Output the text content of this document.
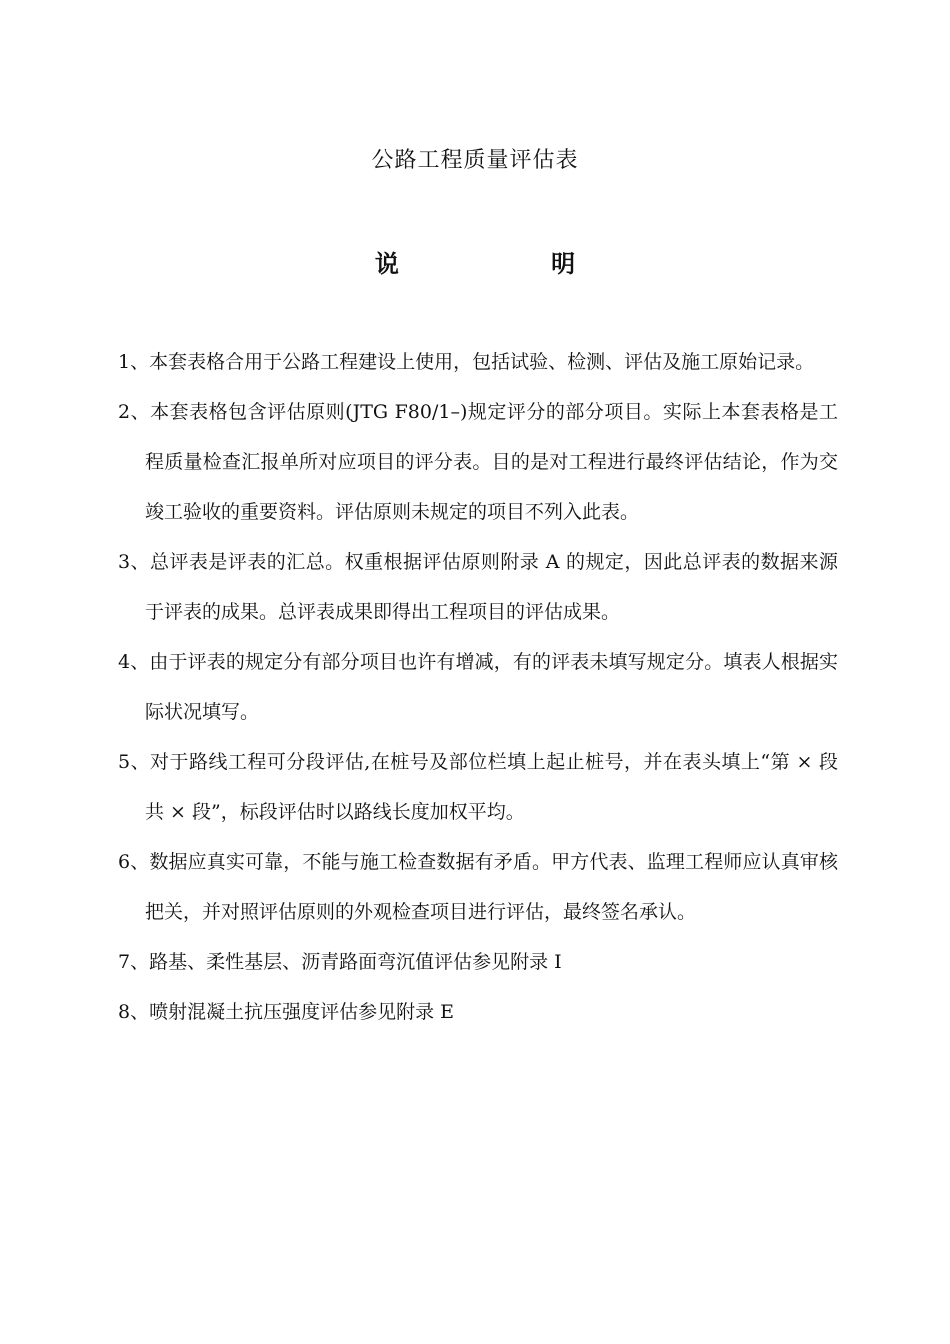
公路工程质量评估表
说 明
1、本套表格合用于公路工程建设上使用，包括试验、检测、评估及施工原始记录。
2、本套表格包含评估原则(JTG F80/1–)规定评分的部分项目。实际上本套表格是工程质量检查汇报单所对应项目的评分表。目的是对工程进行最终评估结论，作为交竣工验收的重要资料。评估原则未规定的项目不列入此表。
3、总评表是评表的汇总。权重根据评估原则附录 A 的规定，因此总评表的数据来源于评表的成果。总评表成果即得出工程项目的评估成果。
4、由于评表的规定分有部分项目也许有增减，有的评表未填写规定分。填表人根据实际状况填写。
5、对于路线工程可分段评估,在桩号及部位栏填上起止桩号，并在表头填上“第 × 段共 × 段”，标段评估时以路线长度加权平均。
6、数据应真实可靠，不能与施工检查数据有矛盾。甲方代表、监理工程师应认真审核把关，并对照评估原则的外观检查项目进行评估，最终签名承认。
7、路基、柔性基层、沥青路面弯沉值评估参见附录 I
8、喷射混凝土抗压强度评估参见附录 E
